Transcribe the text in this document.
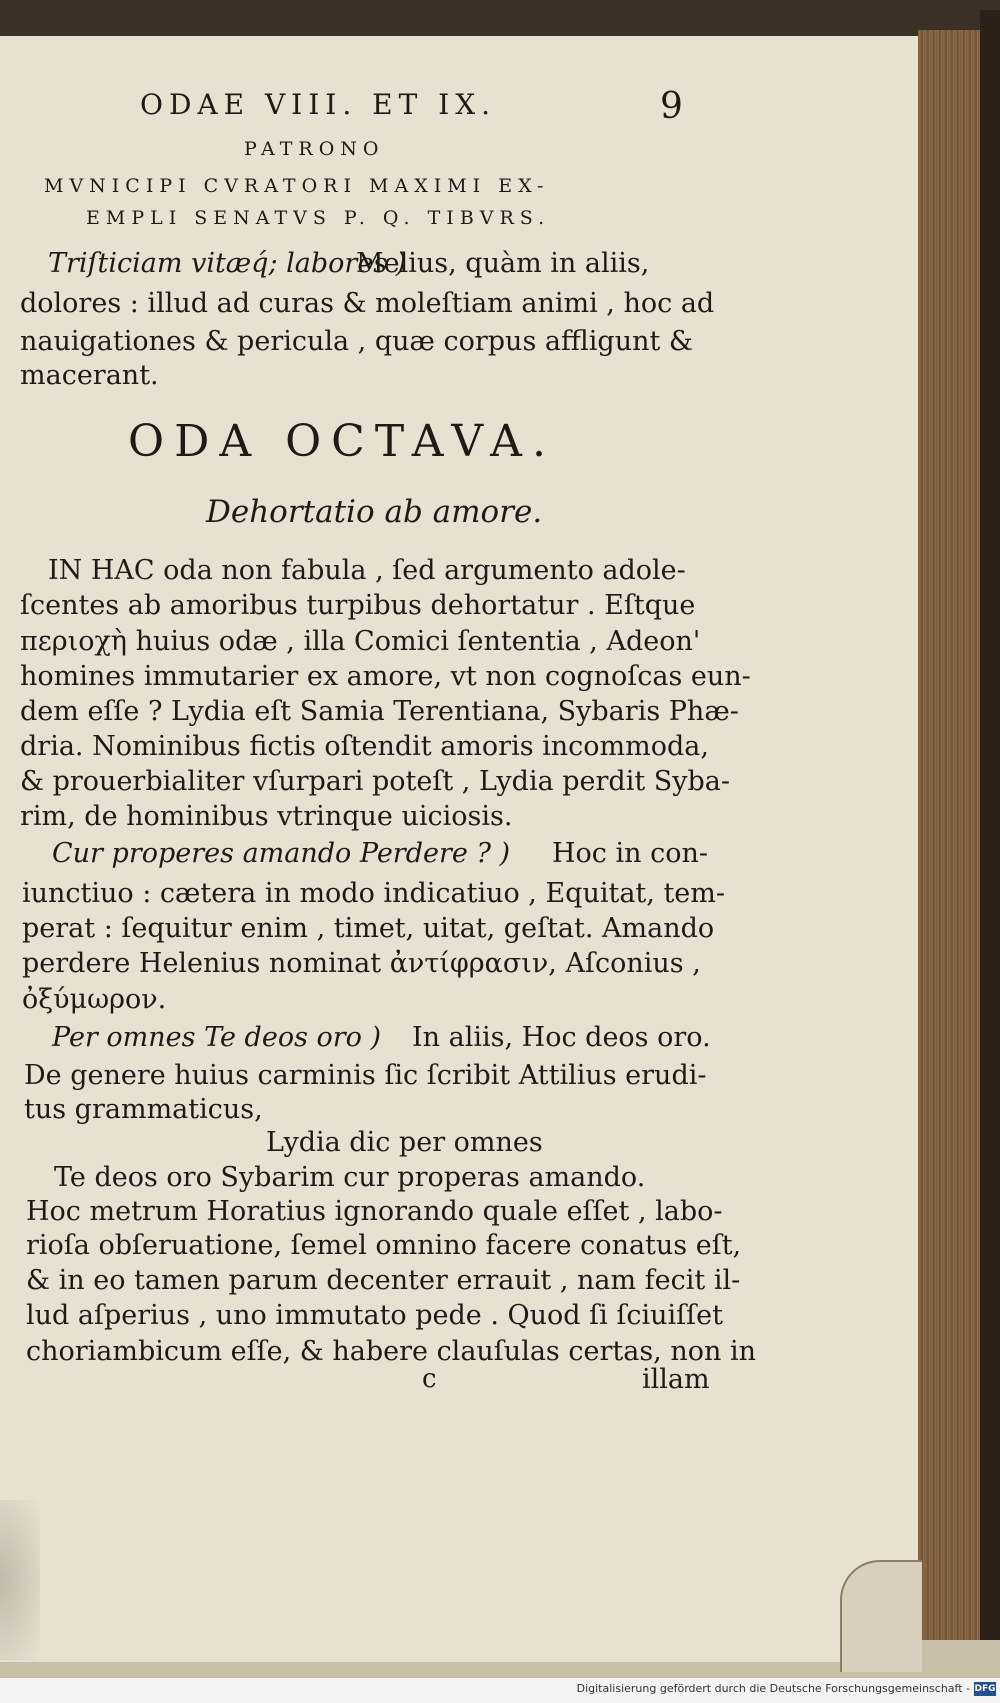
ODAE VIII. ET IX.	9
PATRONO
MVNICIPI CVRATORI MAXIMI EX-
EMPLI SENATVS P. Q. TIBVRS.
Triſticiam vitæq́; labores )
Melius, quàm in aliis,
dolores : illud ad curas & moleſtiam animi , hoc ad
nauigationes & pericula , quæ corpus affligunt &
macerant.
ODA OCTAVA.
Dehortatio ab amore.
IN HAC oda non fabula , ſed argumento adole-
ſcentes ab amoribus turpibus dehortatur . Eſtque
περιοχὴ huius odæ , illa Comici ſententia , Adeon'
homines immutarier ex amore, vt non cognoſcas eun-
dem eſſe ? Lydia eſt Samia Terentiana, Sybaris Phæ-
dria. Nominibus fictis oſtendit amoris incommoda,
& prouerbialiter vſurpari poteſt , Lydia perdit Syba-
rim, de hominibus vtrinque uiciosis.
Cur properes amando Perdere ? ) Hoc in con-
iunctiuo : cætera in modo indicatiuo , Equitat, tem-
perat : ſequitur enim , timet, uitat, geſtat. Amando
perdere Helenius nominat ἀντίφρασιν, Aſconius ,
ὀξύμωρον.
Per omnes Te deos oro ) In aliis, Hoc deos oro.
De genere huius carminis ſic ſcribit Attilius erudi-
tus grammaticus,
Lydia dic per omnes
Te deos oro Sybarim cur properas amando.
Hoc metrum Horatius ignorando quale eſſet , labo-
rioſa obſeruatione, ſemel omnino facere conatus eſt,
& in eo tamen parum decenter errauit , nam fecit il-
lud aſperius , uno immutato pede . Quod ſi ſciuiſſet
choriambicum eſſe, & habere clauſulas certas, non in
c	illam
Digitalisierung gefördert durch die Deutsche Forschungsgemeinschaft - DFG
